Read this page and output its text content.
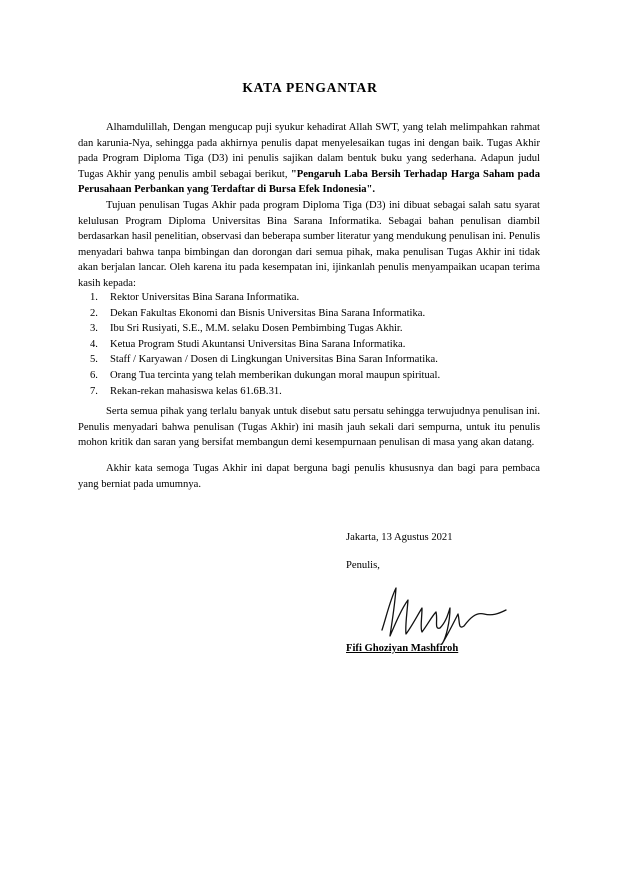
KATA PENGANTAR

Alhamdulillah, Dengan mengucap puji syukur kehadirat Allah SWT, yang telah melimpahkan rahmat dan karunia-Nya, sehingga pada akhirnya penulis dapat menyelesaikan tugas ini dengan baik. Tugas Akhir pada Program Diploma Tiga (D3) ini penulis sajikan dalam bentuk buku yang sederhana. Adapun judul Tugas Akhir yang penulis ambil sebagai berikut, "Pengaruh Laba Bersih Terhadap Harga Saham pada Perusahaan Perbankan yang Terdaftar di Bursa Efek Indonesia".

Tujuan penulisan Tugas Akhir pada program Diploma Tiga (D3) ini dibuat sebagai salah satu syarat kelulusan Program Diploma Universitas Bina Sarana Informatika. Sebagai bahan penulisan diambil berdasarkan hasil penelitian, observasi dan beberapa sumber literatur yang mendukung penulisan ini. Penulis menyadari bahwa tanpa bimbingan dan dorongan dari semua pihak, maka penulisan Tugas Akhir ini tidak akan berjalan lancar. Oleh karena itu pada kesempatan ini, ijinkanlah penulis menyampaikan ucapan terima kasih kepada:

1. Rektor Universitas Bina Sarana Informatika.
2. Dekan Fakultas Ekonomi dan Bisnis Universitas Bina Sarana Informatika.
3. Ibu Sri Rusiyati, S.E., M.M. selaku Dosen Pembimbing Tugas Akhir.
4. Ketua Program Studi Akuntansi Universitas Bina Sarana Informatika.
5. Staff / Karyawan / Dosen di Lingkungan Universitas Bina Saran Informatika.
6. Orang Tua tercinta yang telah memberikan dukungan moral maupun spiritual.
7. Rekan-rekan mahasiswa kelas 61.6B.31.

Serta semua pihak yang terlalu banyak untuk disebut satu persatu sehingga terwujudnya penulisan ini. Penulis menyadari bahwa penulisan (Tugas Akhir) ini masih jauh sekali dari sempurna, untuk itu penulis mohon kritik dan saran yang bersifat membangun demi kesempurnaan penulisan di masa yang akan datang.

Akhir kata semoga Tugas Akhir ini dapat berguna bagi penulis khususnya dan bagi para pembaca yang berniat pada umumnya.

Jakarta, 13 Agustus 2021
Penulis,
Fifi Ghoziyan Mashfiroh
